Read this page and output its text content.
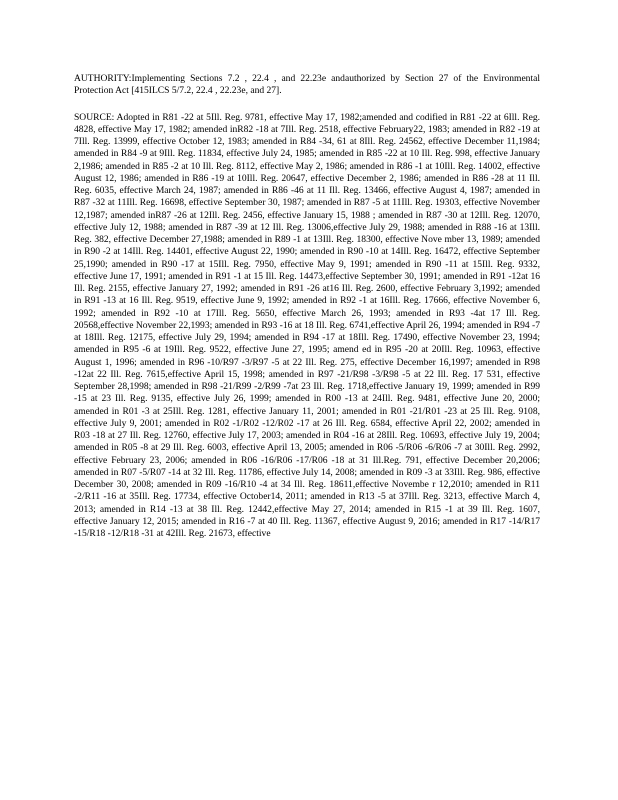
AUTHORITY:Implementing Sections 7.2 , 22.4 , and 22.23e andauthorized by Section 27 of the Environmental Protection Act [415ILCS 5/7.2, 22.4 , 22.23e, and 27].

SOURCE: Adopted in R81 -22 at 5Ill. Reg. 9781, effective May 17, 1982;amended and codified in R81 -22 at 6Ill. Reg. 4828, effective May 17, 1982; amended inR82 -18 at 7Ill. Reg. 2518, effective February22, 1983; amended in R82 -19 at 7Ill. Reg. 13999, effective October 12, 1983; amended in R84 -34, 61 at 8Ill. Reg. 24562, effective December 11,1984; amended in R84 -9 at 9Ill. Reg. 11834, effective July 24, 1985; amended in R85 -22 at 10 Ill. Reg. 998, effective January 2,1986; amended in R85 -2 at 10 Ill. Reg. 8112, effective May 2, 1986; amended in R86 -1 at 10Ill. Reg. 14002, effective August 12, 1986; amended in R86 -19 at 10Ill. Reg. 20647, effective December 2, 1986; amended in R86 -28 at 11 Ill. Reg. 6035, effective March 24, 1987; amended in R86 -46 at 11 Ill. Reg. 13466, effective August 4, 1987; amended in R87 -32 at 11Ill. Reg. 16698, effective September 30, 1987; amended in R87 -5 at 11Ill. Reg. 19303, effective November 12,1987; amended inR87 -26 at 12Ill. Reg. 2456, effective January 15, 1988 ; amended in R87 -30 at 12Ill. Reg. 12070, effective July 12, 1988; amended in R87 -39 at 12 Ill. Reg. 13006,effective July 29, 1988; amended in R88 -16 at 13Ill. Reg. 382, effective December 27,1988; amended in R89 -1 at 13Ill. Reg. 18300, effective Nove mber 13, 1989; amended in R90 -2 at 14Ill. Reg. 14401, effective August 22, 1990; amended in R90 -10 at 14Ill. Reg. 16472, effective September 25,1990; amended in R90 -17 at 15Ill. Reg. 7950, effective May 9, 1991; amended in R90 -11 at 15Ill. Reg. 9332, effective June 17, 1991; amended in R91 -1 at 15 Ill. Reg. 14473,effective September 30, 1991; amended in R91 -12at 16 Ill. Reg. 2155, effective January 27, 1992; amended in R91 -26 at16 Ill. Reg. 2600, effective February 3,1992; amended in R91 -13 at 16 Ill. Reg. 9519, effective June 9, 1992; amended in R92 -1 at 16Ill. Reg. 17666, effective November 6, 1992; amended in R92 -10 at 17Ill. Reg. 5650, effective March 26, 1993; amended in R93 -4at 17 Ill. Reg. 20568,effective November 22,1993; amended in R93 -16 at 18 Ill. Reg. 6741,effective April 26, 1994; amended in R94 -7 at 18Ill. Reg. 12175, effective July 29, 1994; amended in R94 -17 at 18Ill. Reg. 17490, effective November 23, 1994; amended in R95 -6 at 19Ill. Reg. 9522, effective June 27, 1995; amend ed in R95 -20 at 20Ill. Reg. 10963, effective August 1, 1996; amended in R96 -10/R97 -3/R97 -5 at 22 Ill. Reg. 275, effective December 16,1997; amended in R98 -12at 22 Ill. Reg. 7615,effective April 15, 1998; amended in R97 -21/R98 -3/R98 -5 at 22 Ill. Reg. 17 531, effective September 28,1998; amended in R98 -21/R99 -2/R99 -7at 23 Ill. Reg. 1718,effective January 19, 1999; amended in R99 -15 at 23 Ill. Reg. 9135, effective July 26, 1999; amended in R00 -13 at 24Ill. Reg. 9481, effective June 20, 2000; amended in R01 -3 at 25Ill. Reg. 1281, effective January 11, 2001; amended in R01 -21/R01 -23 at 25 Ill. Reg. 9108, effective July 9, 2001; amended in R02 -1/R02 -12/R02 -17 at 26 Ill. Reg. 6584, effective April 22, 2002; amended in R03 -18 at 27 Ill. Reg. 12760, effective July 17, 2003; amended in R04 -16 at 28Ill. Reg. 10693, effective July 19, 2004; amended in R05 -8 at 29 Ill. Reg. 6003, effective April 13, 2005; amended in R06 -5/R06 -6/R06 -7 at 30Ill. Reg. 2992, effective February 23, 2006; amended in R06 -16/R06 -17/R06 -18 at 31 Ill.Reg. 791, effective December 20,2006; amended in R07 -5/R07 -14 at 32 Ill. Reg. 11786, effective July 14, 2008; amended in R09 -3 at 33Ill. Reg. 986, effective December 30, 2008; amended in R09 -16/R10 -4 at 34 Ill. Reg. 18611,effective Novembe r 12,2010; amended in R11 -2/R11 -16 at 35Ill. Reg. 17734, effective October14, 2011; amended in R13 -5 at 37Ill. Reg. 3213, effective March 4, 2013; amended in R14 -13 at 38 Ill. Reg. 12442,effective May 27, 2014; amended in R15 -1 at 39 Ill. Reg. 1607, effective January 12, 2015; amended in R16 -7 at 40 Ill. Reg. 11367, effective August 9, 2016; amended in R17 -14/R17 -15/R18 -12/R18 -31 at 42Ill. Reg. 21673, effective
